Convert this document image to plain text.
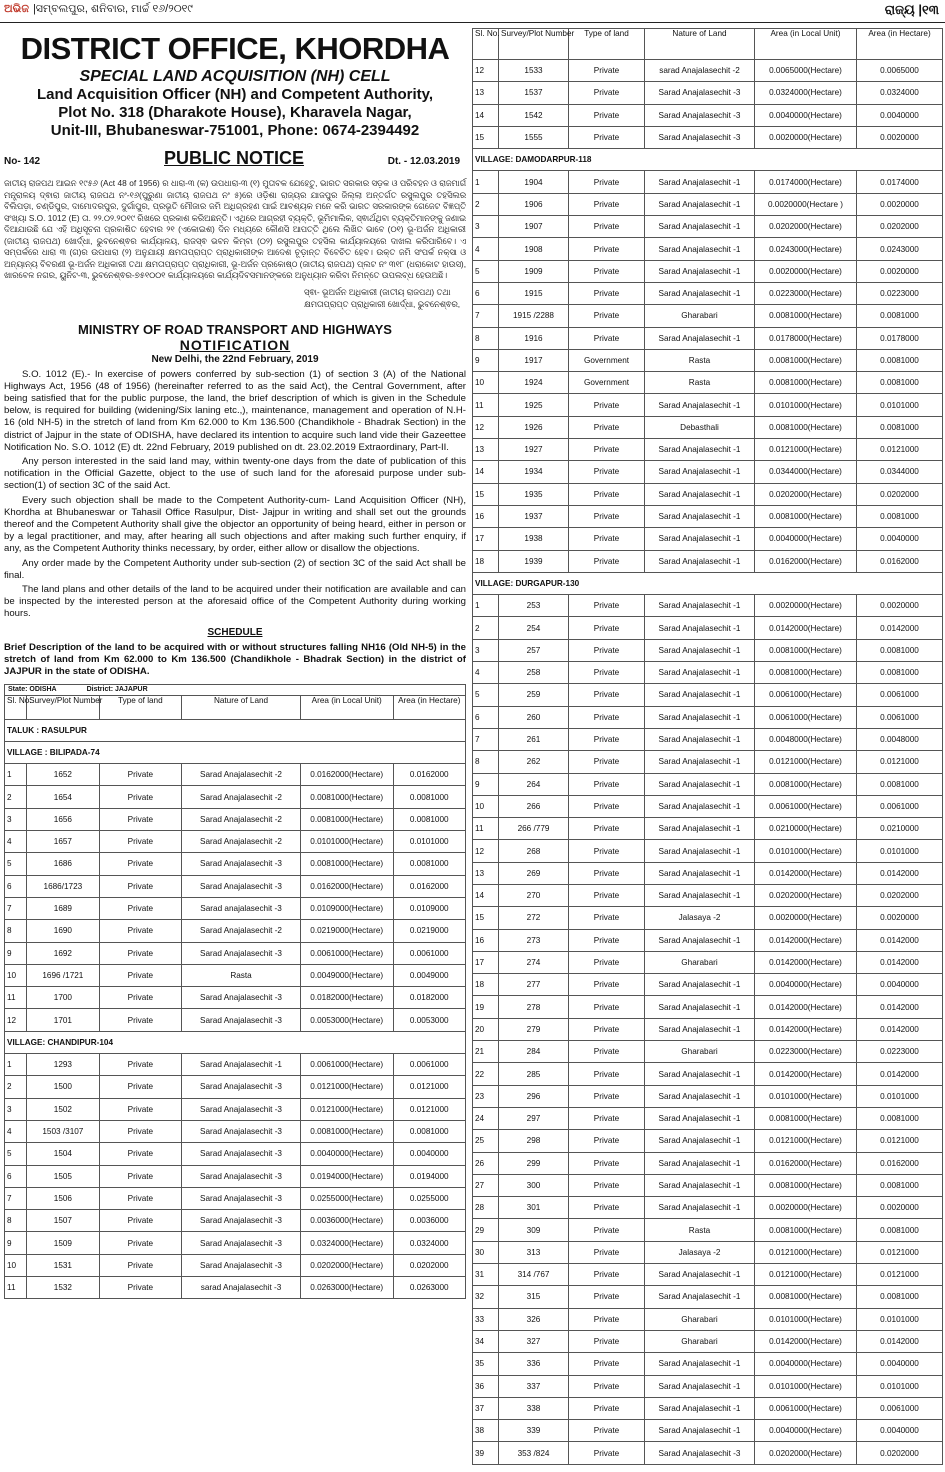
ଅଭିଜ |ସମ୍ବଲପୁର, ଶନିବାର, ମାର୍ଚ୍ଚ ୧୬/୨୦୧୯	ରାଜ୍ୟ |୧୩
DISTRICT OFFICE, KHORDHA
SPECIAL LAND ACQUISITION (NH) CELL
Land Acquisition Officer (NH) and Competent Authority,
Plot No. 318 (Dharakote House), Kharavela Nagar,
Unit-III, Bhubaneswar-751001, Phone: 0674-2394492
No- 142	PUBLIC NOTICE	Dt. - 12.03.2019

ଜାତୀୟ ରାଜପଥ ଆଇନ ୧୯୫୬ (Act 48 of 1956) ର ଧାରା-୩ (କ) ଉପଧାରା-୩ (୧) ମୁତାବକ ଯେହେତୁ, ଭାରତ ସରକାର ସଡ଼କ ଓ ପରିବହନ ଓ ରାଜମାର୍ଗ ମନ୍ତ୍ରାଳୟ ଦ୍ଵାରା ଜାତୀୟ ରାଜପଥ ନଂ-୧୬(ପୁରୁଣା ଜାତୀୟ ରାଜପଥ ନଂ ୫)ରେ ଓଡ଼ିଶା ରାଜ୍ୟର ଯାଜପୁର ଜିଲ୍ଲା ଅନ୍ତର୍ଗତ ରସୁଲପୁର ତହସିଲର ବିଲିପଡ଼ା, ଚଣ୍ଡିପୁର, ଦାମୋଦରପୁର, ଦୁର୍ଗାପୁର, ପ୍ରଭୃତି ମୌଜାର ଜମି ଅଧିଗ୍ରହଣ ପାଇଁ ଆବଶ୍ୟକ ମନେ କରି ଭାରତ ସରକାରଙ୍କ ଗେଜେଟ ବିଜ୍ଞପ୍ତି ସଂଖ୍ୟା S.O. 1012 (E) ତା. ୨୨.୦୨.୨୦୧୯ ରିଖରେ ପ୍ରକାଶ କରିଅଛନ୍ତି। ଏଥିରେ ଆଗ୍ରହୀ ବ୍ୟକ୍ତି, ଭୂମିମାଲିକ, ସ୍ଵାର୍ଥଥିବା ବ୍ୟକ୍ତିମାନଙ୍କୁ ଜଣାଇ ଦିଆଯାଉଛି ଯେ ଏହି ଅଧିସୂଚନା ପ୍ରକାଶିତ ହେବାର ୨୧ (ଏକୋଇଶ) ଦିନ ମଧ୍ୟରେ କୌଣସି ଆପତ୍ତି ଥିଲେ ଲିଖିତ ଭାବେ (୦୧) ଭୂ-ଅର୍ଜନ ଅଧିକାରୀ (ଜାତୀୟ ରାଜପଥ) ଖୋର୍ଦ୍ଧା, ଭୁବନେଶ୍ଵର କାର୍ଯ୍ୟାଳୟ, ରାଜସ୍ଵ ଭବନ କିମ୍ବା (୦୨) ରସୁଲପୁର ତହସିଲ କାର୍ଯ୍ୟାଳୟରେ ଦାଖଲ କରିପାରିବେ। ଏ ସମ୍ପର୍କରେ ଧାରା ୩ (ଗ)ର ଉପଧାରା (୨) ଅନୁଯାୟୀ କ୍ଷମତାପ୍ରାପ୍ତ ପ୍ରାଧିକାରୀଙ୍କ ଆଦେଶ ଚୂଡ଼ାନ୍ତ ବିବେଚିତ ହେବ। ଉକ୍ତ ଜମି ସଂପର୍କ ନକ୍ସା ଓ ଅନ୍ୟାନ୍ୟ ବିବରଣୀ ଭୂ-ଅର୍ଜନ ଅଧିକାରୀ ତଥା କ୍ଷମତାପ୍ରାପ୍ତ ପ୍ରାଧିକାରୀ, ଭୂ-ଅର୍ଜନ ପ୍ରକୋଷ୍ଠ (ଜାତୀୟ ରାଜପଥ) ପ୍ଲଟ ନଂ ୩୧୮ (ଧରାକୋଟ ହାଉସ), ଖାରବେଳ ନଗର, ୟୁନିଟ-୩, ଭୁବନେଶ୍ଵର-୭୫୧୦୦୧ କାର୍ଯ୍ୟାଳୟରେ କାର୍ଯ୍ୟଦିବସମାନଙ୍କରେ ଅନୁଧ୍ୟାନ କରିବା ନିମନ୍ତେ ଉପଲବ୍ଧ ହେଉଅଛି।

ସ୍ଵା- ଭୂଅର୍ଜନ ଅଧିକାରୀ (ଜାତୀୟ ରାଜପଥ) ତଥା
କ୍ଷମତାପ୍ରାପ୍ତ ପ୍ରାଧିକାରୀ ଖୋର୍ଦ୍ଧା, ଭୁବନେଶ୍ଵର,
MINISTRY OF ROAD TRANSPORT AND HIGHWAYS
NOTIFICATION
New Delhi, the 22nd February, 2019

S.O. 1012 (E).- In exercise of powers conferred by sub-section (1) of section 3 (A) of the National Highways Act, 1956 (48 of 1956) (hereinafter referred to as the said Act), the Central Government, after being satisfied that for the public purpose, the land, the brief description of which is given in the Schedule below, is required for building (widening/Six laning etc.,), maintenance, management and operation of N.H-16 (old NH-5) in the stretch of land from Km 62.000 to Km 136.500 (Chandikhole - Bhadrak Section) in the district of Jajpur in the state of ODISHA, have declared its intention to acquire such land vide their Gazeettee Notification No. S.O. 1012 (E) dt. 22nd February, 2019 published on dt. 23.02.2019 Extraordinary, Part-II.

Any person interested in the said land may, within twenty-one days from the date of publication of this notification in the Official Gazette, object to the use of such land for the aforesaid purpose under sub-section(1) of section 3C of the said Act.

Every such objection shall be made to the Competent Authority-cum- Land Acquisition Officer (NH), Khordha at Bhubaneswar or Tahasil Office Rasulpur, Dist- Jajpur in writing and shall set out the grounds thereof and the Competent Authority shall give the objector an opportunity of being heard, either in person or by a legal practitioner, and may, after hearing all such objections and after making such further enquiry, if any, as the Competent Authority thinks necessary, by order, either allow or disallow the objections.

Any order made by the Competent Authority under sub-section (2) of section 3C of the said Act shall be final.

The land plans and other details of the land to be acquired under their notification are available and can be inspected by the interested person at the aforesaid office of the Competent Authority during working hours.

SCHEDULE
Brief Description of the land to be acquired with or without structures falling NH16 (Old NH-5) in the stretch of land from Km 62.000 to Km 136.500 (Chandikhole - Bhadrak Section) in the district of JAJPUR in the state of ODISHA.
State: ODISHA	District: JAJAPUR
Sl. No.	Survey/Plot Number	Type of land	Nature of Land	Area (in Local Unit)	Area (in Hectare)
TALUK : RASULPUR					
VILLAGE : BILIPADA-74					
1	1652	Private	Sarad Anajalasechit -2	0.0162000(Hectare)	0.0162000
2	1654	Private	Sarad Anajalasechit -2	0.0081000(Hectare)	0.0081000
3	1656	Private	Sarad Anajalasechit -2	0.0081000(Hectare)	0.0081000
4	1657	Private	Sarad Anajalasechit -2	0.0101000(Hectare)	0.0101000
5	1686	Private	Sarad Anajalasechit -3	0.0081000(Hectare)	0.0081000
6	1686/1723	Private	Sarad Anajalasechit -3	0.0162000(Hectare)	0.0162000
7	1689	Private	Sarad anajalasechit -3	0.0109000(Hectare)	0.0109000
8	1690	Private	Sarad Anajalasechit -2	0.0219000(Hectare)	0.0219000
9	1692	Private	Sarad Anajalasechit -3	0.0061000(Hectare)	0.0061000
10	1696 /1721	Private	Rasta	0.0049000(Hectare)	0.0049000
11	1700	Private	Sarad Anajalasechit -3	0.0182000(Hectare)	0.0182000
12	1701	Private	Sarad Anajalasechit -3	0.0053000(Hectare)	0.0053000
VILLAGE: CHANDIPUR-104					
1	1293	Private	Sarad Anajalasechit -1	0.0061000(Hectare)	0.0061000
2	1500	Private	Sarad Anajalasechit -3	0.0121000(Hectare)	0.0121000
3	1502	Private	Sarad Anajalasechit -3	0.0121000(Hectare)	0.0121000
4	1503 /3107	Private	Sarad Anajalasechit -3	0.0081000(Hectare)	0.0081000
5	1504	Private	Sarad Anajalasechit -3	0.0040000(Hectare)	0.0040000
6	1505	Private	Sarad Anajalasechit -3	0.0194000(Hectare)	0.0194000
7	1506	Private	Sarad Anajalasechit -3	0.0255000(Hectare)	0.0255000
8	1507	Private	Sarad Anajalasechit -3	0.0036000(Hectare)	0.0036000
9	1509	Private	Sarad Anajalasechit -3	0.0324000(Hectare)	0.0324000
10	1531	Private	Sarad Anajalasechit -3	0.0202000(Hectare)	0.0202000
11	1532	Private	sarad Anajalasechit -3	0.0263000(Hectare)	0.0263000
Sl. No.	Survey/Plot Number	Type of land	Nature of Land	Area (in Local Unit)	Area (in Hectare)
12	1533	Private	sarad Anajalasechit -2	0.0065000(Hectare)	0.0065000
13	1537	Private	Sarad Anajalasechit -3	0.0324000(Hectare)	0.0324000
14	1542	Private	Sarad Anajalasechit -3	0.0040000(Hectare)	0.0040000
15	1555	Private	Sarad Anajalasechit -3	0.0020000(Hectare)	0.0020000
VILLAGE: DAMODARPUR-118					
1	1904	Private	Sarad Anajalasechit -1	0.0174000(Hectare)	0.0174000
2	1906	Private	Sarad Anajalasechit -1	0.0020000(Hectare )	0.0020000
3	1907	Private	Sarad Anajalasechit -1	0.0202000(Hectare)	0.0202000
4	1908	Private	Sarad Anajalasechit -1	0.0243000(Hectare)	0.0243000
5	1909	Private	Sarad Anajalasechit -1	0.0020000(Hectare)	0.0020000
6	1915	Private	Sarad Anajalasechit -1	0.0223000(Hectare)	0.0223000
7	1915 /2288	Private	Gharabari	0.0081000(Hectare)	0.0081000
8	1916	Private	Sarad Anajalasechit -1	0.0178000(Hectare)	0.0178000
9	1917	Government	Rasta	0.0081000(Hectare)	0.0081000
10	1924	Government	Rasta	0.0081000(Hectare)	0.0081000
11	1925	Private	Sarad Anajalasechit -1	0.0101000(Hectare)	0.0101000
12	1926	Private	Debasthali	0.0081000(Hectare)	0.0081000
13	1927	Private	Sarad Anajalasechit -1	0.0121000(Hectare)	0.0121000
14	1934	Private	Sarad Anajalasechit -1	0.0344000(Hectare)	0.0344000
15	1935	Private	Sarad Anajalasechit -1	0.0202000(Hectare)	0.0202000
16	1937	Private	Sarad Anajalasechit -1	0.0081000(Hectare)	0.0081000
17	1938	Private	Sarad Anajalasechit -1	0.0040000(Hectare)	0.0040000
18	1939	Private	Sarad Anajalasechit -1	0.0162000(Hectare)	0.0162000
VILLAGE: DURGAPUR-130					
1	253	Private	Sarad Anajalasechit -1	0.0020000(Hectare)	0.0020000
2	254	Private	Sarad Anajalasechit -1	0.0142000(Hectare)	0.0142000
3	257	Private	Sarad Anajalasechit -1	0.0081000(Hectare)	0.0081000
4	258	Private	Sarad Anajalasechit -1	0.0081000(Hectare)	0.0081000
5	259	Private	Sarad Anajalasechit -1	0.0061000(Hectare)	0.0061000
6	260	Private	Sarad Anajalasechit -1	0.0061000(Hectare)	0.0061000
7	261	Private	Sarad Anajalasechit -1	0.0048000(Hectare)	0.0048000
8	262	Private	Sarad Anajalasechit -1	0.0121000(Hectare)	0.0121000
9	264	Private	Sarad Anajalasechit -1	0.0081000(Hectare)	0.0081000
10	266	Private	Sarad Anajalasechit -1	0.0061000(Hectare)	0.0061000
11	266 /779	Private	Sarad Anajalasechit -1	0.0210000(Hectare)	0.0210000
12	268	Private	Sarad Anajalasechit -1	0.0101000(Hectare)	0.0101000
13	269	Private	Sarad Anajalasechit -1	0.0142000(Hectare)	0.0142000
14	270	Private	Sarad Anajalasechit -1	0.0202000(Hectare)	0.0202000
15	272	Private	Jalasaya -2	0.0020000(Hectare)	0.0020000
16	273	Private	Sarad Anajalasechit -1	0.0142000(Hectare)	0.0142000
17	274	Private	Gharabari	0.0142000(Hectare)	0.0142000
18	277	Private	Sarad Anajalasechit -1	0.0040000(Hectare)	0.0040000
19	278	Private	Sarad Anajalasechit -1	0.0142000(Hectare)	0.0142000
20	279	Private	Sarad Anajalasechit -1	0.0142000(Hectare)	0.0142000
21	284	Private	Gharabari	0.0223000(Hectare)	0.0223000
22	285	Private	Sarad Anajalasechit -1	0.0142000(Hectare)	0.0142000
23	296	Private	Sarad Anajalasechit -1	0.0101000(Hectare)	0.0101000
24	297	Private	Sarad Anajalasechit -1	0.0081000(Hectare)	0.0081000
25	298	Private	Sarad Anajalasechit -1	0.0121000(Hectare)	0.0121000
26	299	Private	Sarad Anajalasechit -1	0.0162000(Hectare)	0.0162000
27	300	Private	Sarad Anajalasechit -1	0.0081000(Hectare)	0.0081000
28	301	Private	Sarad Anajalasechit -1	0.0020000(Hectare)	0.0020000
29	309	Private	Rasta	0.0081000(Hectare)	0.0081000
30	313	Private	Jalasaya -2	0.0121000(Hectare)	0.0121000
31	314 /767	Private	Sarad Anajalasechit -1	0.0121000(Hectare)	0.0121000
32	315	Private	Sarad Anajalasechit -1	0.0081000(Hectare)	0.0081000
33	326	Private	Gharabari	0.0101000(Hectare)	0.0101000
34	327	Private	Gharabari	0.0142000(Hectare)	0.0142000
35	336	Private	Sarad Anajalasechit -1	0.0040000(Hectare)	0.0040000
36	337	Private	Sarad Anajalasechit -1	0.0101000(Hectare)	0.0101000
37	338	Private	Sarad Anajalasechit -1	0.0061000(Hectare)	0.0061000
38	339	Private	Sarad Anajalasechit -1	0.0040000(Hectare)	0.0040000
39	353 /824	Private	Sarad Anajalasechit -3	0.0202000(Hectare)	0.0202000
